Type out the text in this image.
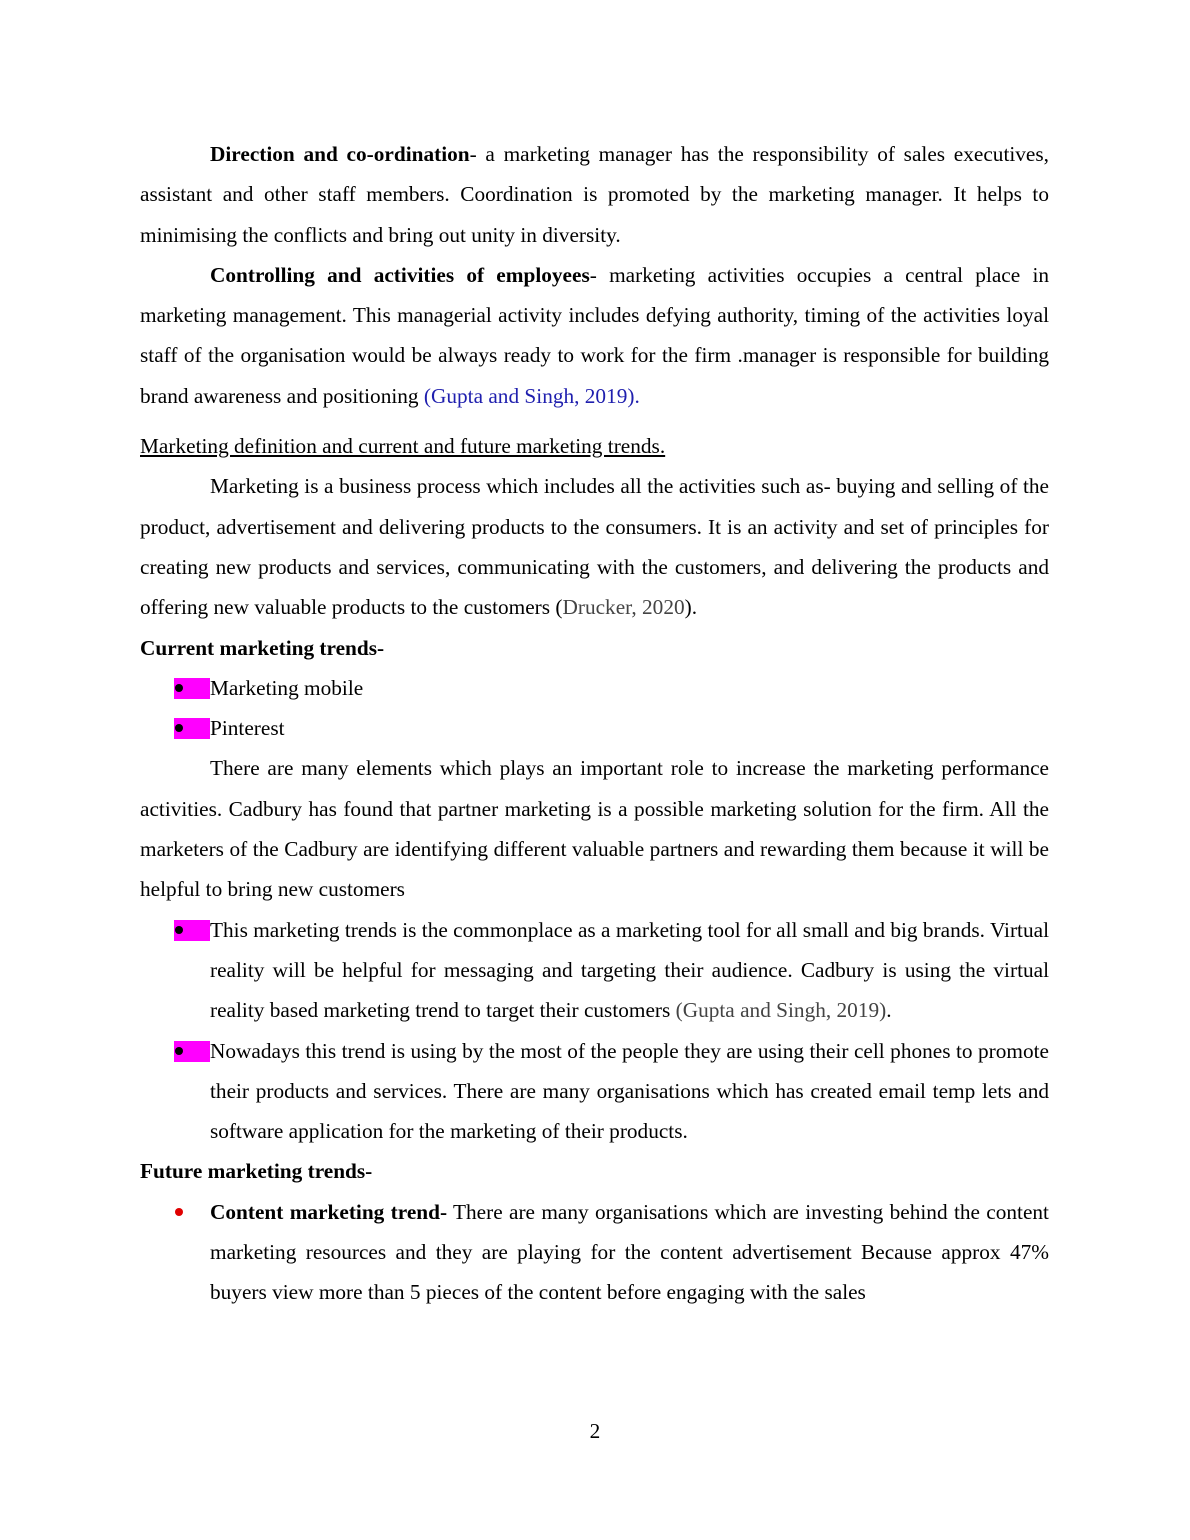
Direction and co-ordination- a marketing manager has the responsibility of sales executives, assistant and other staff members. Coordination is promoted by the marketing manager. It helps to minimising the conflicts and bring out unity in diversity.

Controlling and activities of employees- marketing activities occupies a central place in marketing management. This managerial activity includes defying authority, timing of the activities loyal staff of the organisation would be always ready to work for the firm .manager is responsible for building brand awareness and positioning (Gupta and Singh, 2019).

Marketing definition and current and future marketing trends.

Marketing is a business process which includes all the activities such as- buying and selling of the product, advertisement and delivering products to the consumers. It is an activity and set of principles for creating new products and services, communicating with the customers, and delivering the products and offering new valuable products to the customers (Drucker, 2020).

Current marketing trends-

Marketing mobile
Pinterest

There are many elements which plays an important role to increase the marketing performance activities. Cadbury has found that partner marketing is a possible marketing solution for the firm. All the marketers of the Cadbury are identifying different valuable partners and rewarding them because it will be helpful to bring new customers

This marketing trends is the commonplace as a marketing tool for all small and big brands. Virtual reality will be helpful for messaging and targeting their audience. Cadbury is using the virtual reality based marketing trend to target their customers (Gupta and Singh, 2019).
Nowadays this trend is using by the most of the people they are using their cell phones to promote their products and services. There are many organisations which has created email temp lets and software application for the marketing of their products.

Future marketing trends-

Content marketing trend- There are many organisations which are investing behind the content marketing resources and they are playing for the content advertisement Because approx 47% buyers view more than 5 pieces of the content before engaging with the sales
2
